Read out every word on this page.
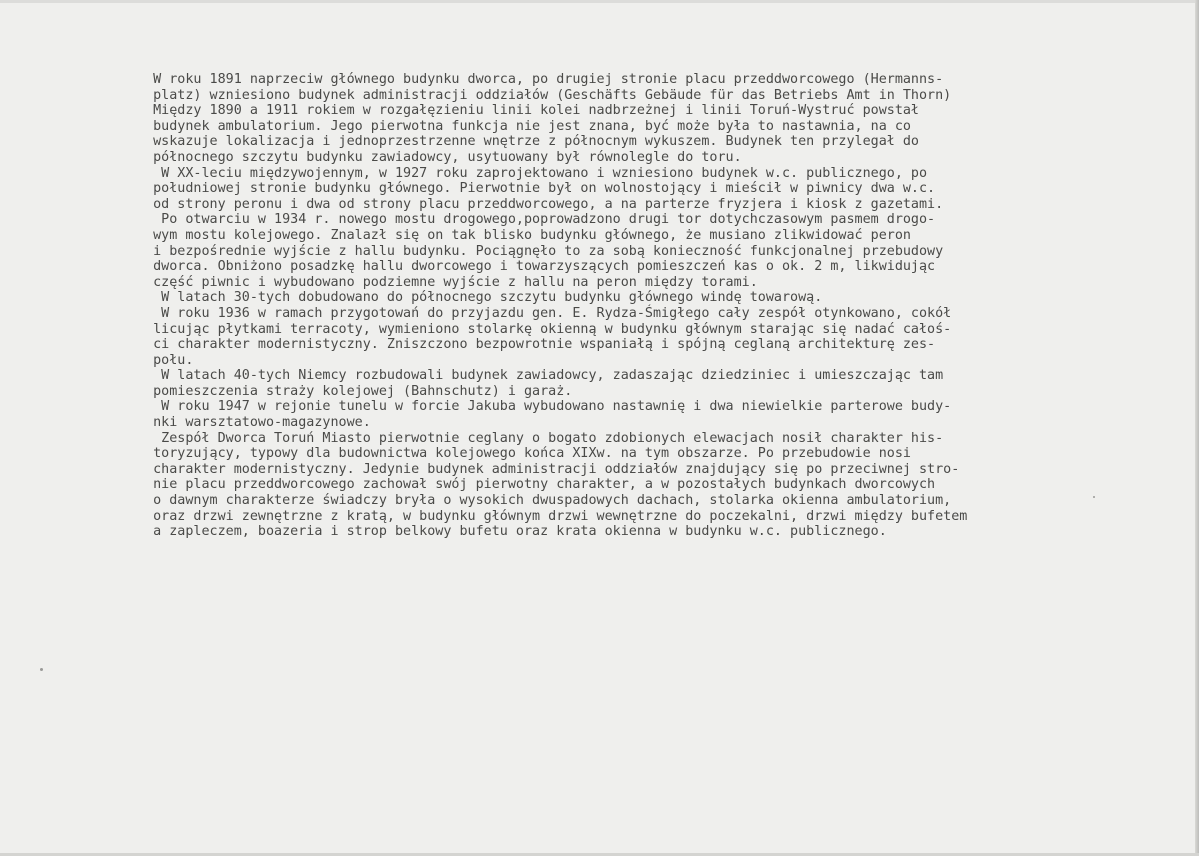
W roku 1891 naprzeciw głównego budynku dworca, po drugiej stronie placu przeddworcowego (Hermanns-
platz) wzniesiono budynek administracji oddziałów (Geschäfts Gebäude für das Betriebs Amt in Thorn)
Między 1890 a 1911 rokiem w rozgałęzieniu linii kolei nadbrzeżnej i linii Toruń-Wystruć powstał
budynek ambulatorium. Jego pierwotna funkcja nie jest znana, być może była to nastawnia, na co
wskazuje lokalizacja i jednoprzestrzenne wnętrze z północnym wykuszem. Budynek ten przylegał do
północnego szczytu budynku zawiadowcy, usytuowany był równolegle do toru.
W XX-leciu międzywojennym, w 1927 roku zaprojektowano i wzniesiono budynek w.c. publicznego, po
południowej stronie budynku głównego. Pierwotnie był on wolnostojący i mieścił w piwnicy dwa w.c.
od strony peronu i dwa od strony placu przeddworcowego, a na parterze fryzjera i kiosk z gazetami.
Po otwarciu w 1934 r. nowego mostu drogowego,poprowadzono drugi tor dotychczasowym pasmem drogo-
wym mostu kolejowego. Znalazł się on tak blisko budynku głównego, że musiano zlikwidować peron
i bezpośrednie wyjście z hallu budynku. Pociągnęło to za sobą konieczność funkcjonalnej przebudowy
dworca. Obniżono posadzkę hallu dworcowego i towarzyszących pomieszczeń kas o ok. 2 m, likwidując
część piwnic i wybudowano podziemne wyjście z hallu na peron między torami.
W latach 30-tych dobudowano do północnego szczytu budynku głównego windę towarową.
W roku 1936 w ramach przygotowań do przyjazdu gen. E. Rydza-Śmigłego cały zespół otynkowano, cokół
licując płytkami terracoty, wymieniono stolarkę okienną w budynku głównym starając się nadać całoś-
ci charakter modernistyczny. Zniszczono bezpowrotnie wspaniałą i spójną ceglaną architekturę zes-
połu.
W latach 40-tych Niemcy rozbudowali budynek zawiadowcy, zadaszając dziedziniec i umieszczając tam
pomieszczenia straży kolejowej (Bahnschutz) i garaż.
W roku 1947 w rejonie tunelu w forcie Jakuba wybudowano nastawnię i dwa niewielkie parterowe budy-
nki warsztatowo-magazynowe.
Zespół Dworca Toruń Miasto pierwotnie ceglany o bogato zdobionych elewacjach nosił charakter his-
toryzujący, typowy dla budownictwa kolejowego końca XIXw. na tym obszarze. Po przebudowie nosi
charakter modernistyczny. Jedynie budynek administracji oddziałów znajdujący się po przeciwnej stro-
nie placu przeddworcowego zachował swój pierwotny charakter, a w pozostałych budynkach dworcowych
o dawnym charakterze świadczy bryła o wysokich dwuspadowych dachach, stolarka okienna ambulatorium,
oraz drzwi zewnętrzne z kratą, w budynku głównym drzwi wewnętrzne do poczekalni, drzwi między bufetem
a zapleczem, boazeria i strop belkowy bufetu oraz krata okienna w budynku w.c. publicznego.
